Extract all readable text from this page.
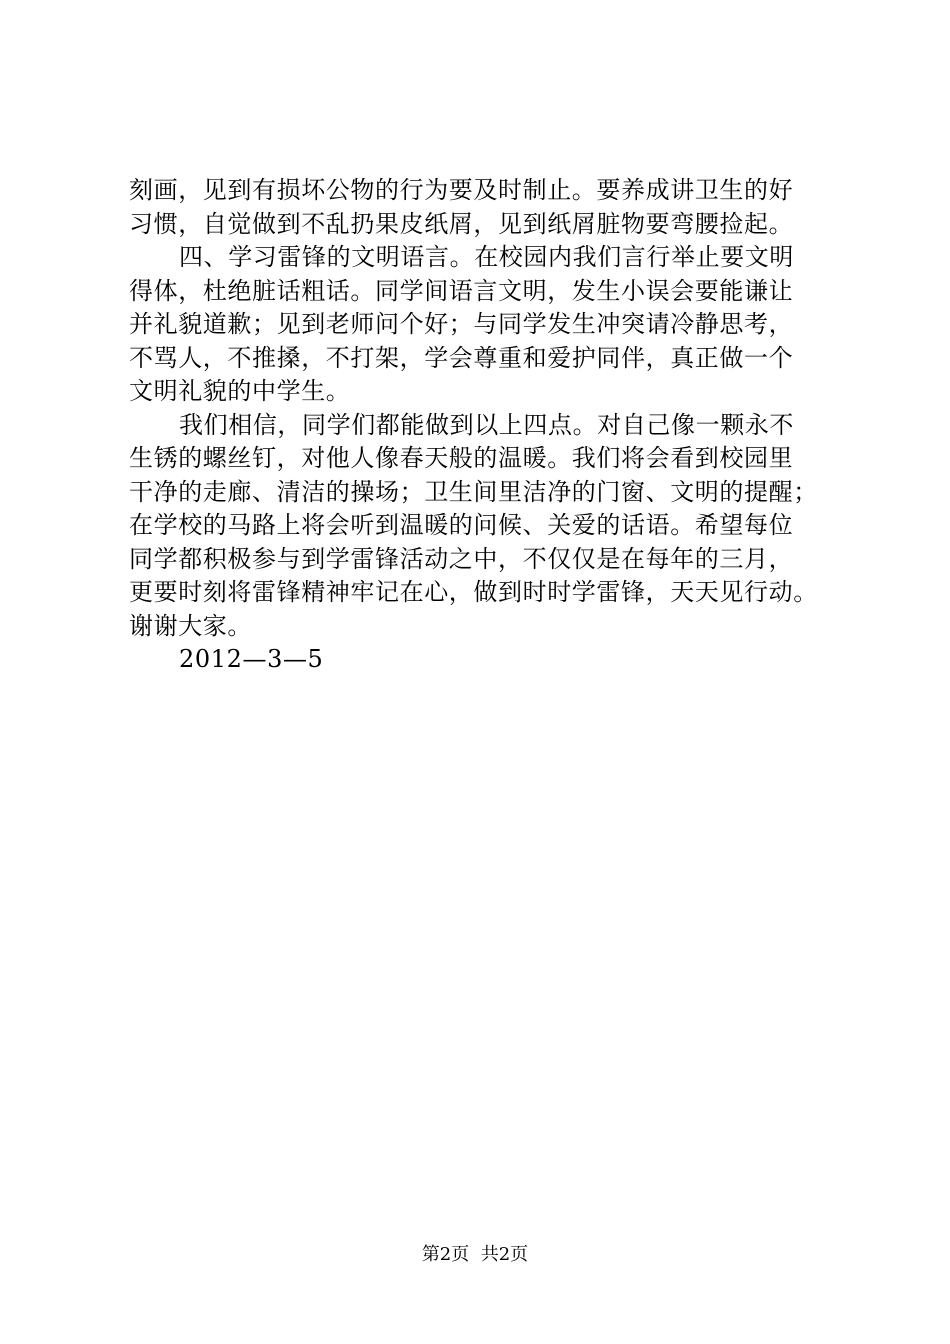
刻画，见到有损坏公物的行为要及时制止。要养成讲卫生的好
习惯，自觉做到不乱扔果皮纸屑，见到纸屑脏物要弯腰捡起。
四、学习雷锋的文明语言。在校园内我们言行举止要文明
得体，杜绝脏话粗话。同学间语言文明，发生小误会要能谦让
并礼貌道歉；见到老师问个好；与同学发生冲突请冷静思考，
不骂人，不推搡，不打架，学会尊重和爱护同伴，真正做一个
文明礼貌的中学生。
我们相信，同学们都能做到以上四点。对自己像一颗永不
生锈的螺丝钉，对他人像春天般的温暖。我们将会看到校园里
干净的走廊、清洁的操场；卫生间里洁净的门窗、文明的提醒；
在学校的马路上将会听到温暖的问候、关爱的话语。希望每位
同学都积极参与到学雷锋活动之中，不仅仅是在每年的三月，
更要时刻将雷锋精神牢记在心，做到时时学雷锋，天天见行动。
谢谢大家。
2012—3—5
第2页  共2页
